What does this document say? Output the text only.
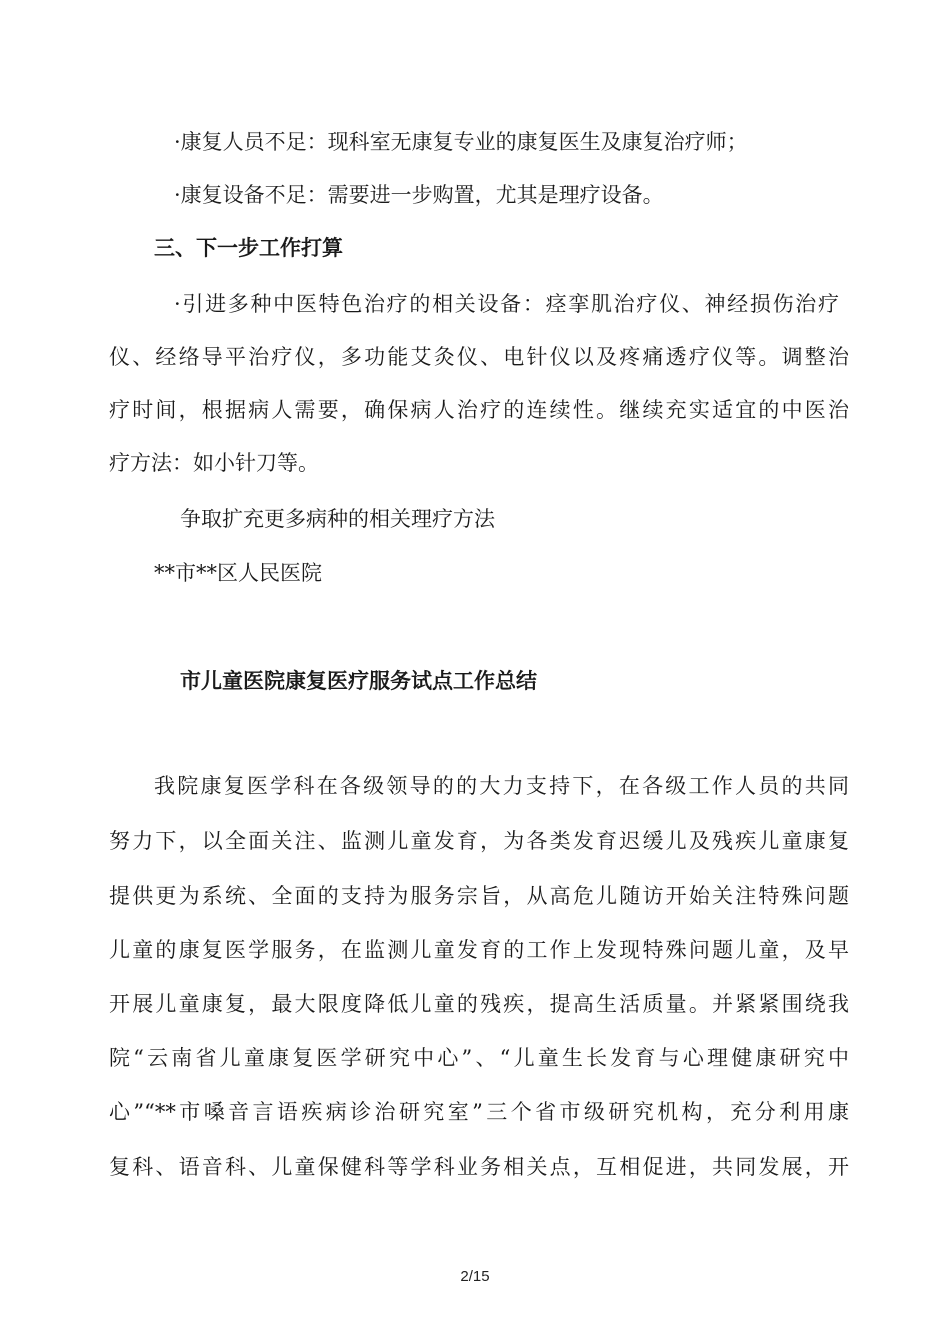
·康复人员不足：现科室无康复专业的康复医生及康复治疗师；
·康复设备不足：需要进一步购置，尤其是理疗设备。
三、下一步工作打算
·引进多种中医特色治疗的相关设备：痉挛肌治疗仪、神经损伤治疗
仪、经络导平治疗仪，多功能艾灸仪、电针仪以及疼痛透疗仪等。调整治
疗时间，根据病人需要，确保病人治疗的连续性。继续充实适宜的中医治
疗方法：如小针刀等。
争取扩充更多病种的相关理疗方法
**市**区人民医院
市儿童医院康复医疗服务试点工作总结
我院康复医学科在各级领导的的大力支持下，在各级工作人员的共同
努力下，以全面关注、监测儿童发育，为各类发育迟缓儿及残疾儿童康复
提供更为系统、全面的支持为服务宗旨，从高危儿随访开始关注特殊问题
儿童的康复医学服务，在监测儿童发育的工作上发现特殊问题儿童，及早
开展儿童康复，最大限度降低儿童的残疾，提高生活质量。并紧紧围绕我
院“云南省儿童康复医学研究中心”、“儿童生长发育与心理健康研究中
心”“**市嗓音言语疾病诊治研究室”三个省市级研究机构，充分利用康
复科、语音科、儿童保健科等学科业务相关点，互相促进，共同发展，开
2/15
